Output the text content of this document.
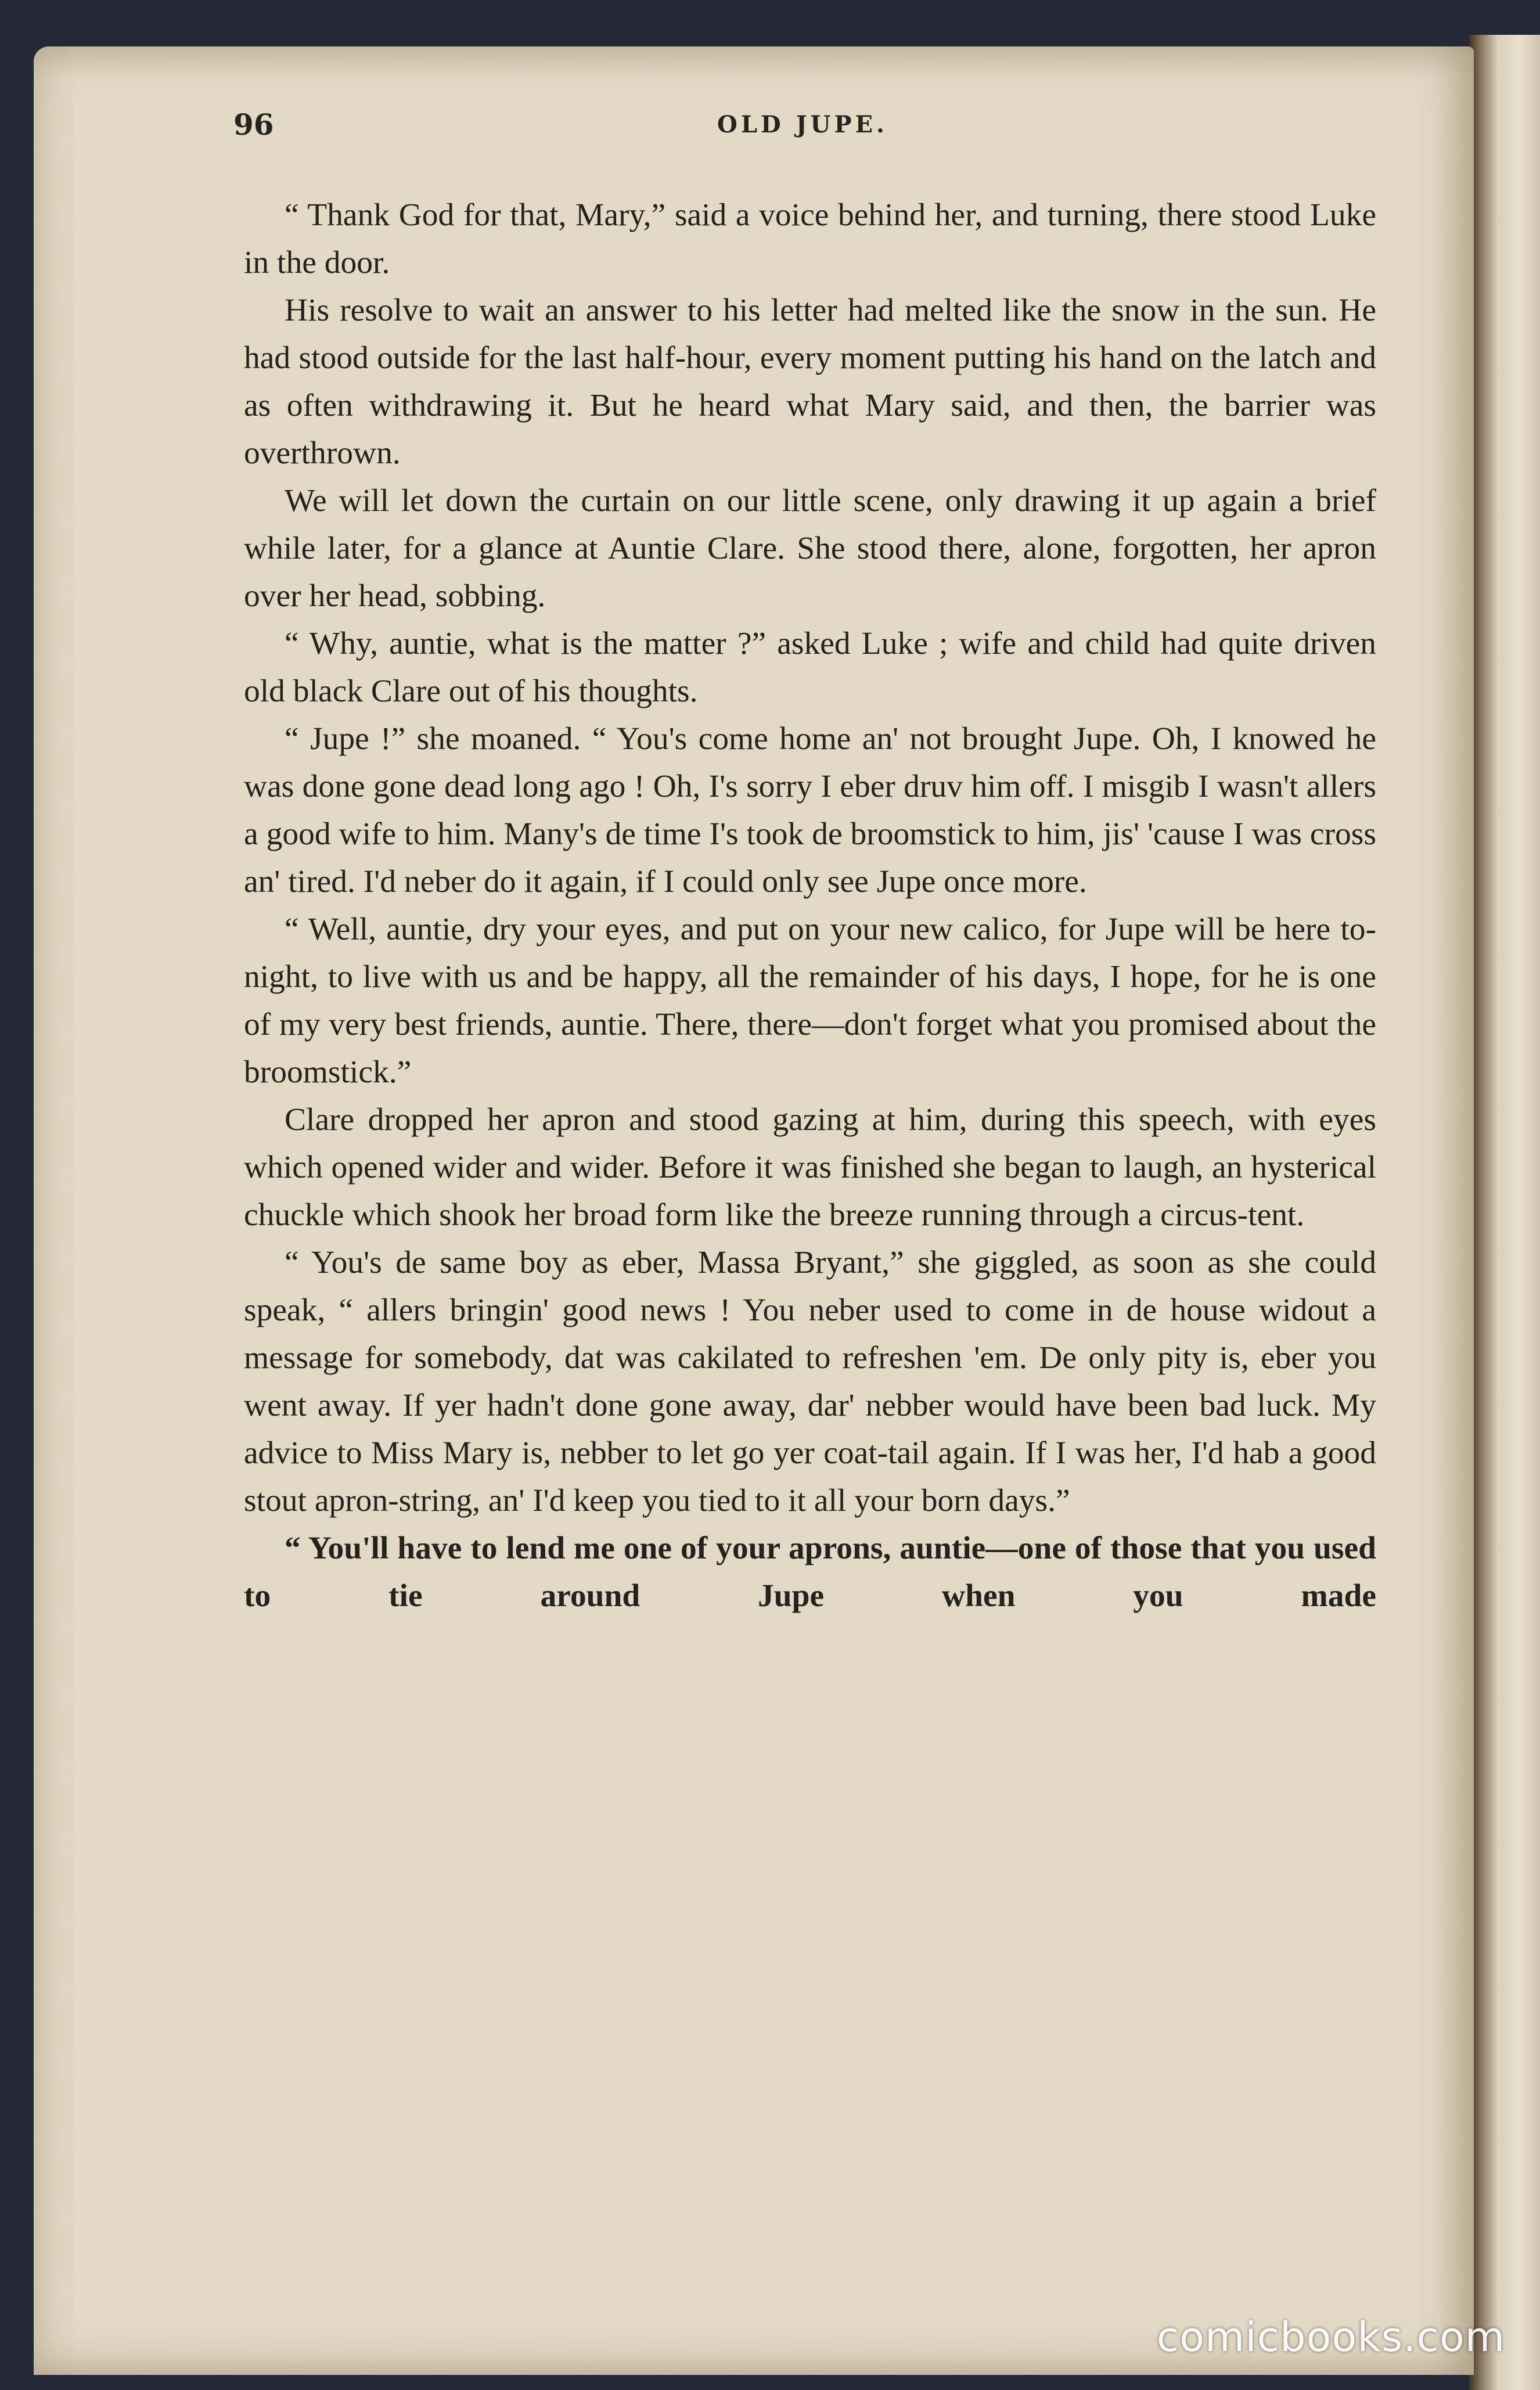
96	OLD JUPE.

“ Thank God for that, Mary,” said a voice behind her, and turning, there stood Luke in the door.

His resolve to wait an answer to his letter had melted like the snow in the sun. He had stood outside for the last half-hour, every moment putting his hand on the latch and as often withdrawing it. But he heard what Mary said, and then, the barrier was overthrown.

We will let down the curtain on our little scene, only drawing it up again a brief while later, for a glance at Auntie Clare. She stood there, alone, forgotten, her apron over her head, sobbing.

“ Why, auntie, what is the matter ?” asked Luke ; wife and child had quite driven old black Clare out of his thoughts.

“ Jupe !” she moaned. “ You's come home an' not brought Jupe. Oh, I knowed he was done gone dead long ago ! Oh, I's sorry I eber druv him off. I misgib I wasn't allers a good wife to him. Many's de time I's took de broomstick to him, jis' 'cause I was cross an' tired. I'd neber do it again, if I could only see Jupe once more.

“ Well, auntie, dry your eyes, and put on your new calico, for Jupe will be here to-night, to live with us and be happy, all the remainder of his days, I hope, for he is one of my very best friends, auntie. There, there—don't forget what you promised about the broomstick.”

Clare dropped her apron and stood gazing at him, during this speech, with eyes which opened wider and wider. Before it was finished she began to laugh, an hysterical chuckle which shook her broad form like the breeze running through a circus-tent.

“ You's de same boy as eber, Massa Bryant,” she giggled, as soon as she could speak, “ allers bringin' good news ! You neber used to come in de house widout a message for somebody, dat was cakilated to refreshen 'em. De only pity is, eber you went away. If yer hadn't done gone away, dar' nebber would have been bad luck. My advice to Miss Mary is, nebber to let go yer coat-tail again. If I was her, I'd hab a good stout apron-string, an' I'd keep you tied to it all your born days.”

“ You'll have to lend me one of your aprons, auntie—one of those that you used to tie around Jupe when you made

comicbooks.com
